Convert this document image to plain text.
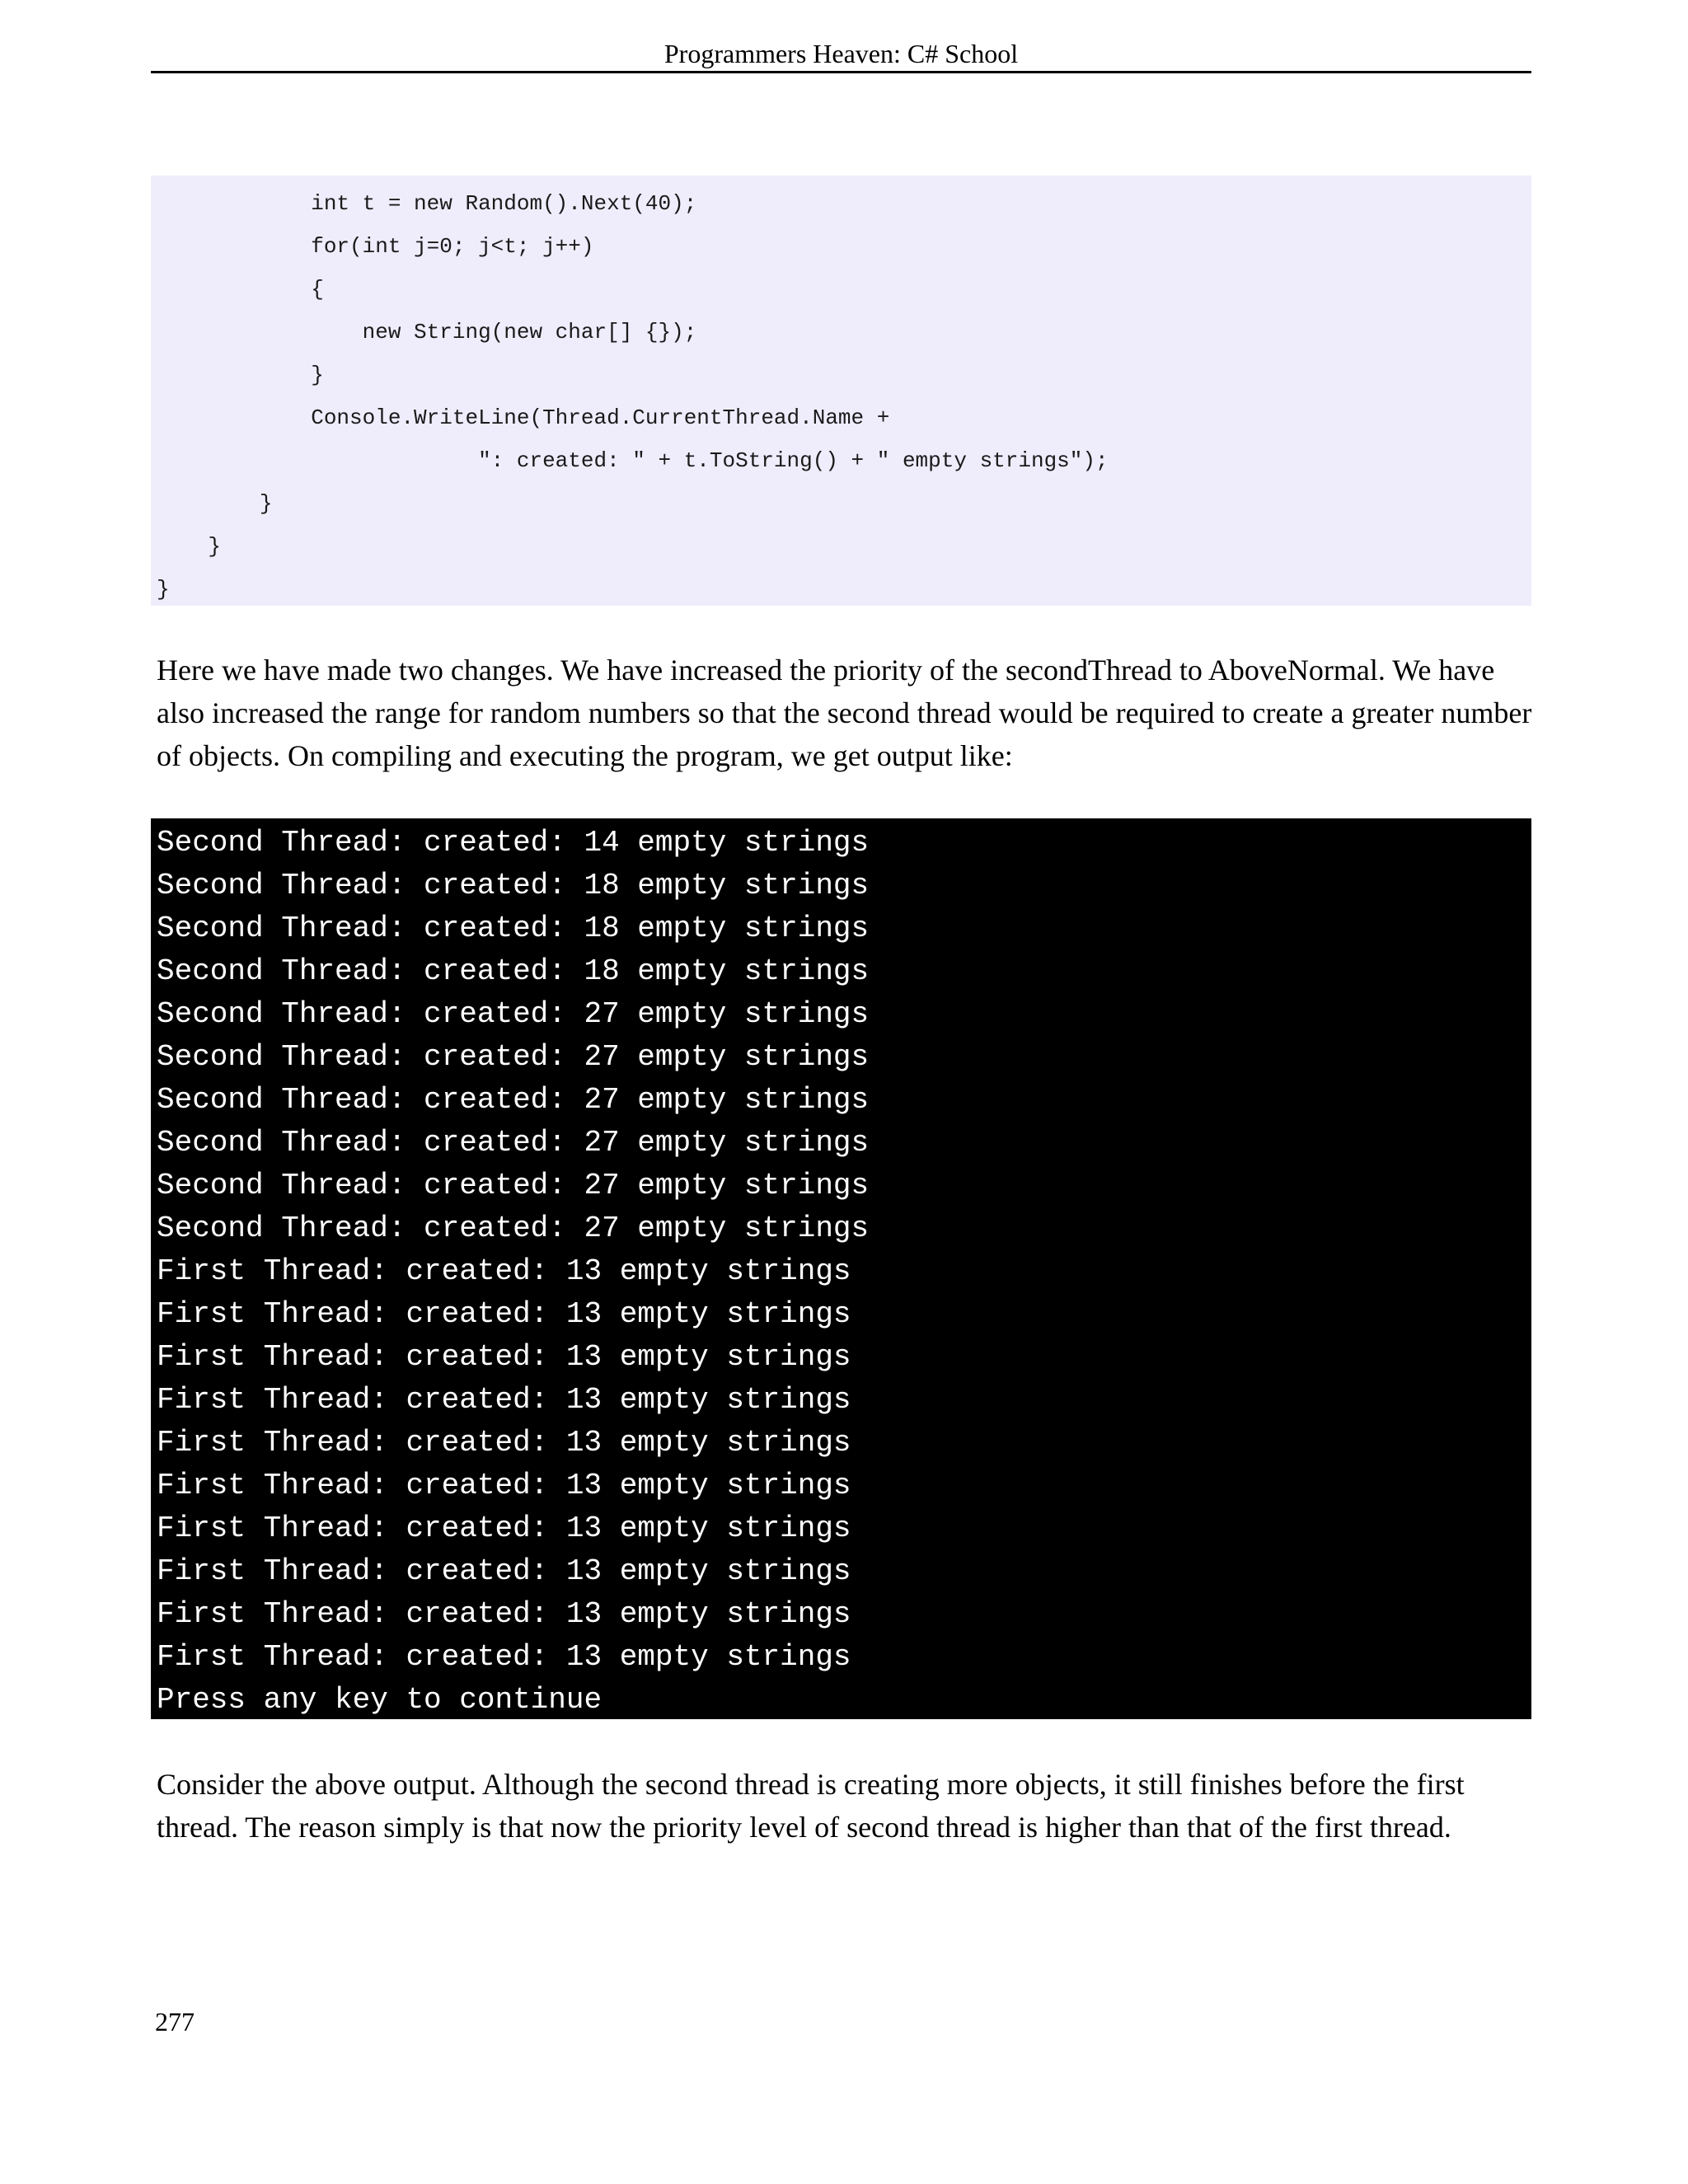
Programmers Heaven: C# School
int t = new Random().Next(40);
for(int j=0; j<t; j++)
{
new String(new char[] {});
}
Console.WriteLine(Thread.CurrentThread.Name +
": created: " + t.ToString() + " empty strings");
}
}
}

Here we have made two changes. We have increased the priority of the secondThread to AboveNormal. We have also increased the range for random numbers so that the second thread would be required to create a greater number of objects. On compiling and executing the program, we get output like:

Second Thread: created: 14 empty strings
Second Thread: created: 18 empty strings
Second Thread: created: 18 empty strings
Second Thread: created: 18 empty strings
Second Thread: created: 27 empty strings
Second Thread: created: 27 empty strings
Second Thread: created: 27 empty strings
Second Thread: created: 27 empty strings
Second Thread: created: 27 empty strings
Second Thread: created: 27 empty strings
First Thread: created: 13 empty strings
First Thread: created: 13 empty strings
First Thread: created: 13 empty strings
First Thread: created: 13 empty strings
First Thread: created: 13 empty strings
First Thread: created: 13 empty strings
First Thread: created: 13 empty strings
First Thread: created: 13 empty strings
First Thread: created: 13 empty strings
First Thread: created: 13 empty strings
Press any key to continue

Consider the above output. Although the second thread is creating more objects, it still finishes before the first thread. The reason simply is that now the priority level of second thread is higher than that of the first thread.

277
